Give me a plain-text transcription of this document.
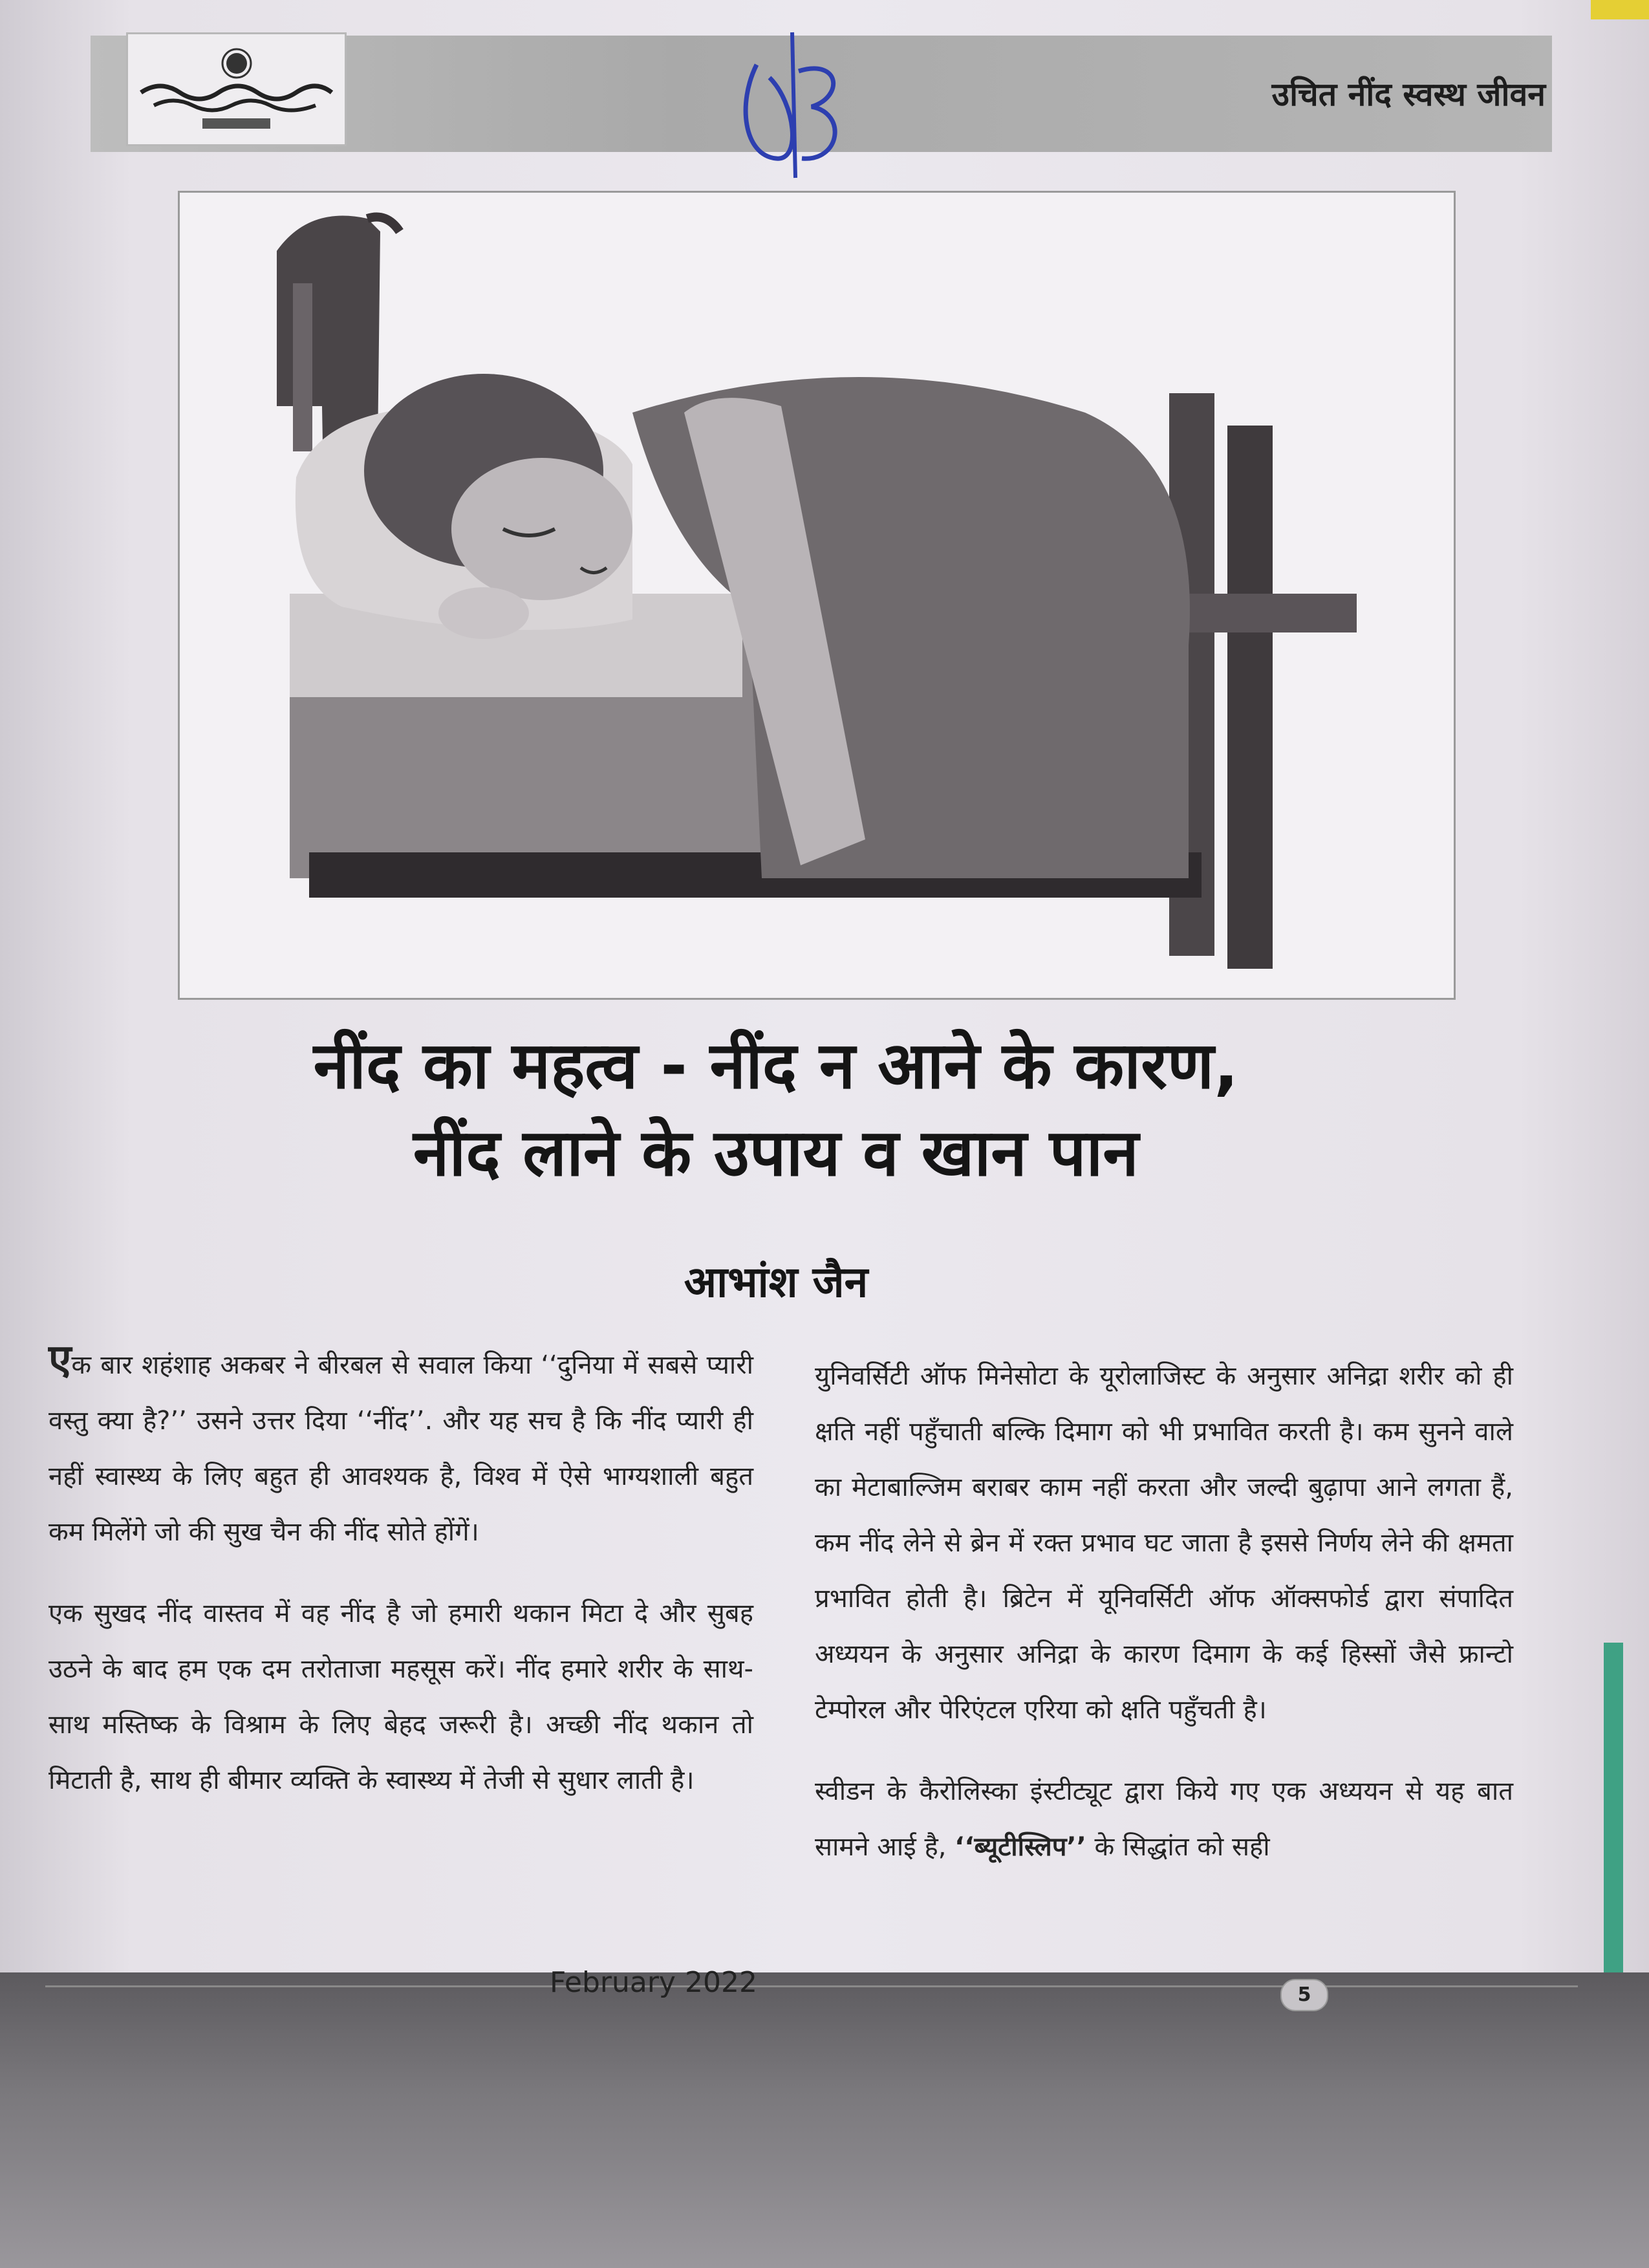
उचित नींद स्वस्थ जीवन
नींद का महत्व - नींद न आने के कारण,
नींद लाने के उपाय व खान पान
आभांश जैन

एक बार शहंशाह अकबर ने बीरबल से सवाल किया ‘‘दुनिया में सबसे प्यारी वस्तु क्या है?’’ उसने उत्तर दिया ‘‘नींद’’. और यह सच है कि नींद प्यारी ही नहीं स्वास्थ्य के लिए बहुत ही आवश्यक है, विश्व में ऐसे भाग्यशाली बहुत कम मिलेंगे जो की सुख चैन की नींद सोते होंगें।

एक सुखद नींद वास्तव में वह नींद है जो हमारी थकान मिटा दे और सुबह उठने के बाद हम एक दम तरोताजा महसूस करें। नींद हमारे शरीर के साथ-साथ मस्तिष्क के विश्राम के लिए बेहद जरूरी है। अच्छी नींद थकान तो मिटाती है, साथ ही बीमार व्यक्ति के स्वास्थ्य में तेजी से सुधार लाती है।

युनिवर्सिटी ऑफ मिनेसोटा के यूरोलाजिस्ट के अनुसार अनिद्रा शरीर को ही क्षति नहीं पहुँचाती बल्कि दिमाग को भी प्रभावित करती है। कम सुनने वाले का मेटाबाल्जिम बराबर काम नहीं करता और जल्दी बुढ़ापा आने लगता हैं, कम नींद लेने से ब्रेन में रक्त प्रभाव घट जाता है इससे निर्णय लेने की क्षमता प्रभावित होती है। ब्रिटेन में यूनिवर्सिटी ऑफ ऑक्सफोर्ड द्वारा संपादित अध्ययन के अनुसार अनिद्रा के कारण दिमाग के कई हिस्सों जैसे फ्रान्टो टेम्पोरल और पेरिएंटल एरिया को क्षति पहुँचती है।

स्वीडन के कैरोलिस्का इंस्टीट्यूट द्वारा किये गए एक अध्ययन से यह बात सामने आई है, ‘‘ब्यूटीस्लिप’’ के सिद्धांत को सही

February 2022	5
